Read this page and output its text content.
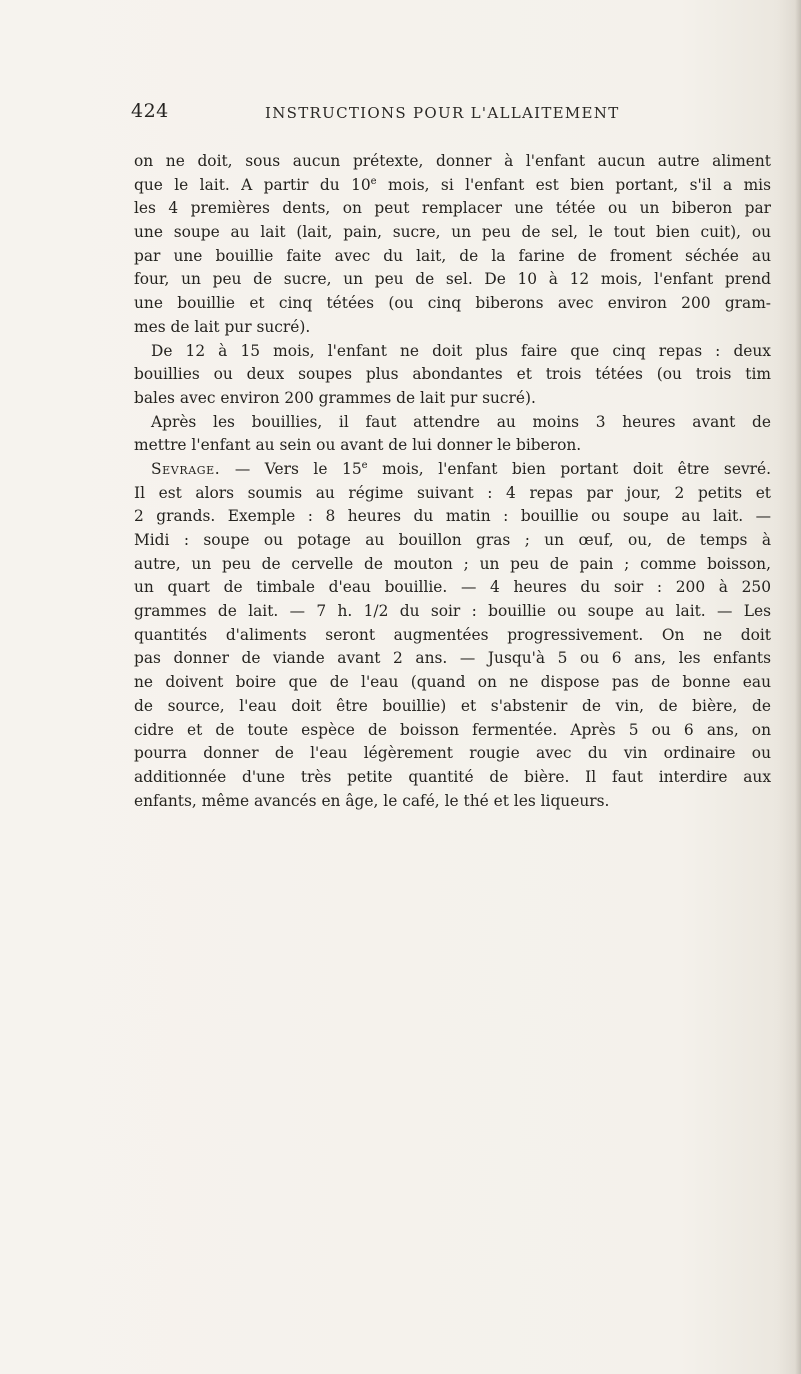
424	INSTRUCTIONS POUR L'ALLAITEMENT
on ne doit, sous aucun prétexte, donner à l'enfant aucun autre aliment
que le lait. A partir du 10e mois, si l'enfant est bien portant, s'il a mis
les 4 premières dents, on peut remplacer une tétée ou un biberon par
une soupe au lait (lait, pain, sucre, un peu de sel, le tout bien cuit), ou
par une bouillie faite avec du lait, de la farine de froment séchée au
four, un peu de sucre, un peu de sel. De 10 à 12 mois, l'enfant prend
une bouillie et cinq tétées (ou cinq biberons avec environ 200 gram-
mes de lait pur sucré).
De 12 à 15 mois, l'enfant ne doit plus faire que cinq repas : deux
bouillies ou deux soupes plus abondantes et trois tétées (ou trois tim
bales avec environ 200 grammes de lait pur sucré).
Après les bouillies, il faut attendre au moins 3 heures avant de
mettre l'enfant au sein ou avant de lui donner le biberon.
Sevrage. — Vers le 15e mois, l'enfant bien portant doit être sevré.
Il est alors soumis au régime suivant : 4 repas par jour, 2 petits et
2 grands. Exemple : 8 heures du matin : bouillie ou soupe au lait. —
Midi : soupe ou potage au bouillon gras ; un œuf, ou, de temps à
autre, un peu de cervelle de mouton ; un peu de pain ; comme boisson,
un quart de timbale d'eau bouillie. — 4 heures du soir : 200 à 250
grammes de lait. — 7 h. 1/2 du soir : bouillie ou soupe au lait. — Les
quantités d'aliments seront augmentées progressivement. On ne doit
pas donner de viande avant 2 ans. — Jusqu'à 5 ou 6 ans, les enfants
ne doivent boire que de l'eau (quand on ne dispose pas de bonne eau
de source, l'eau doit être bouillie) et s'abstenir de vin, de bière, de
cidre et de toute espèce de boisson fermentée. Après 5 ou 6 ans, on
pourra donner de l'eau légèrement rougie avec du vin ordinaire ou
additionnée d'une très petite quantité de bière. Il faut interdire aux
enfants, même avancés en âge, le café, le thé et les liqueurs.
